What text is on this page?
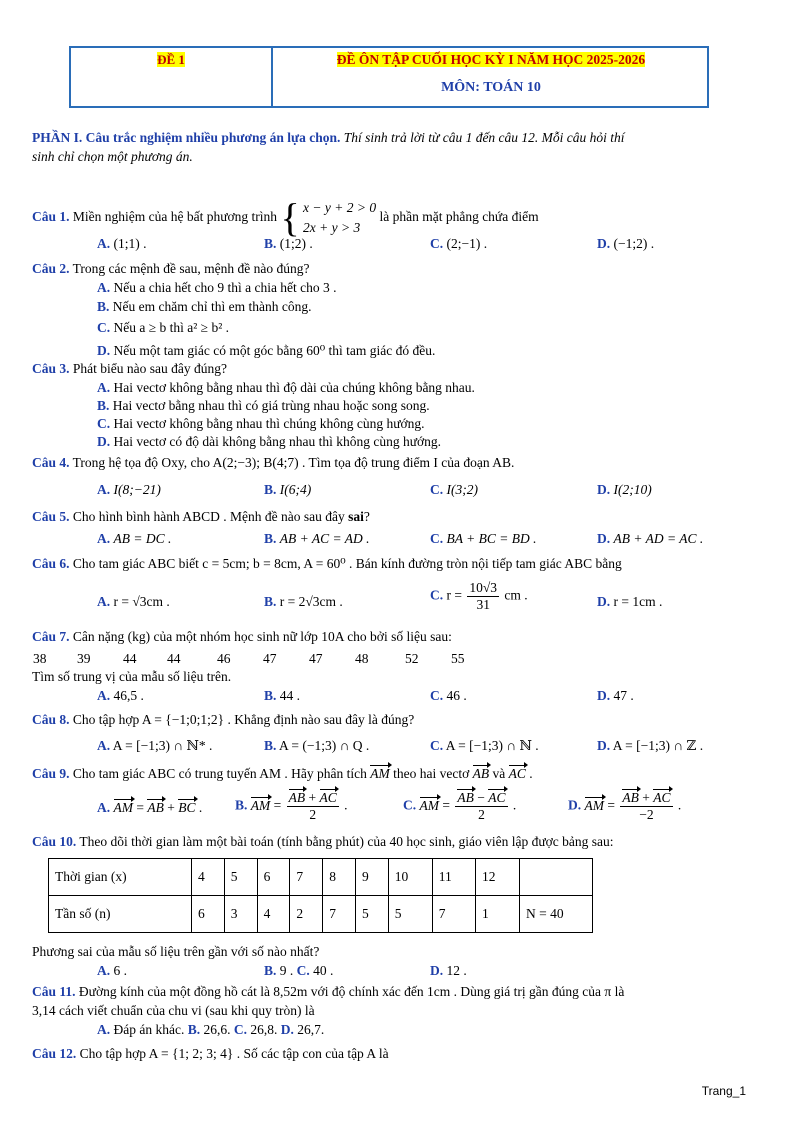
ĐỀ 1	ĐỀ ÔN TẬP CUỐI HỌC KỲ I NĂM HỌC 2025-2026
MÔN: TOÁN 10
PHẦN I. Câu trắc nghiệm nhiều phương án lựa chọn. Thí sinh trả lời từ câu 1 đến câu 12. Mỗi câu hỏi thí
sinh chỉ chọn một phương án.
Câu 1. Miền nghiệm của hệ bất phương trình { x − y + 2 > 0
2x + y > 3 là phần mặt phẳng chứa điểm
A. (1;1) .	B. (1;2) .	C. (2;−1) .	D. (−1;2) .
Câu 2. Trong các mệnh đề sau, mệnh đề nào đúng?
A. Nếu a chia hết cho 9 thì a chia hết cho 3 .
B. Nếu em chăm chỉ thì em thành công.
C. Nếu a ≥ b thì a² ≥ b² .
D. Nếu một tam giác có một góc bằng 60⁰ thì tam giác đó đều.
Câu 3. Phát biểu nào sau đây đúng?
A. Hai vectơ không bằng nhau thì độ dài của chúng không bằng nhau.
B. Hai vectơ bằng nhau thì có giá trùng nhau hoặc song song.
C. Hai vectơ không bằng nhau thì chúng không cùng hướng.
D. Hai vectơ có độ dài không bằng nhau thì không cùng hướng.
Câu 4. Trong hệ tọa độ Oxy, cho A(2;−3); B(4;7) . Tìm tọa độ trung điểm I của đoạn AB.
A. I(8;−21)	B. I(6;4)	C. I(3;2)	D. I(2;10)
Câu 5. Cho hình bình hành ABCD . Mệnh đề nào sau đây sai?
A. AB = DC .	B. AB + AC = AD .	C. BA + BC = BD .	D. AB + AD = AC .
Câu 6. Cho tam giác ABC biết c = 5cm; b = 8cm, A = 60⁰ . Bán kính đường tròn nội tiếp tam giác ABC bằng
A. r = √3cm .	B. r = 2√3cm .	C. $r = \frac{10√3}{31}$ cm .	D. r = 1cm .
Câu 7. Cân nặng (kg) của một nhóm học sinh nữ lớp 10A cho bởi số liệu sau:
38 39 44 44	46 47 47 48	52 55
Tìm số trung vị của mẫu số liệu trên.
A. 46,5 .	B. 44 .	C. 46 .	D. 47 .
Câu 8. Cho tập hợp A = {−1;0;1;2} . Khẳng định nào sau đây là đúng?
A. A = [−1;3) ∩ ℕ* .	B. A = (−1;3) ∩ Q .	C. A = [−1;3) ∩ ℕ .	D. A = [−1;3) ∩ ℤ .
Câu 9. Cho tam giác ABC có trung tuyến AM . Hãy phân tích AM theo hai vectơ AB và AC .
A. AM = AB + BC . B. AM = $\frac{AB + AC}{2}$ .	C. AM = $\frac{AB - AC}{2}$ .	D. AM = $\frac{AB + AC}{-2}$ .
Câu 10. Theo dõi thời gian làm một bài toán (tính bằng phút) của 40 học sinh, giáo viên lập được bảng sau:
Thời gian (x)	4	5	6	7	8	9	10	11	12	
Tần số (n)	6	3	4	2	7	5	5	7	1	N = 40
Phương sai của mẫu số liệu trên gần với số nào nhất?
A. 6 .	B. 9 . C. 40 .	D. 12 .
Câu 11. Đường kính của một đồng hồ cát là 8,52m với độ chính xác đến 1cm . Dùng giá trị gần đúng của π là
3,14 cách viết chuẩn của chu vi (sau khi quy tròn) là
A. Đáp án khác. B. 26,6. C. 26,8. D. 26,7.
Câu 12. Cho tập hợp A = {1; 2; 3; 4} . Số các tập con của tập A là
Trang_1
